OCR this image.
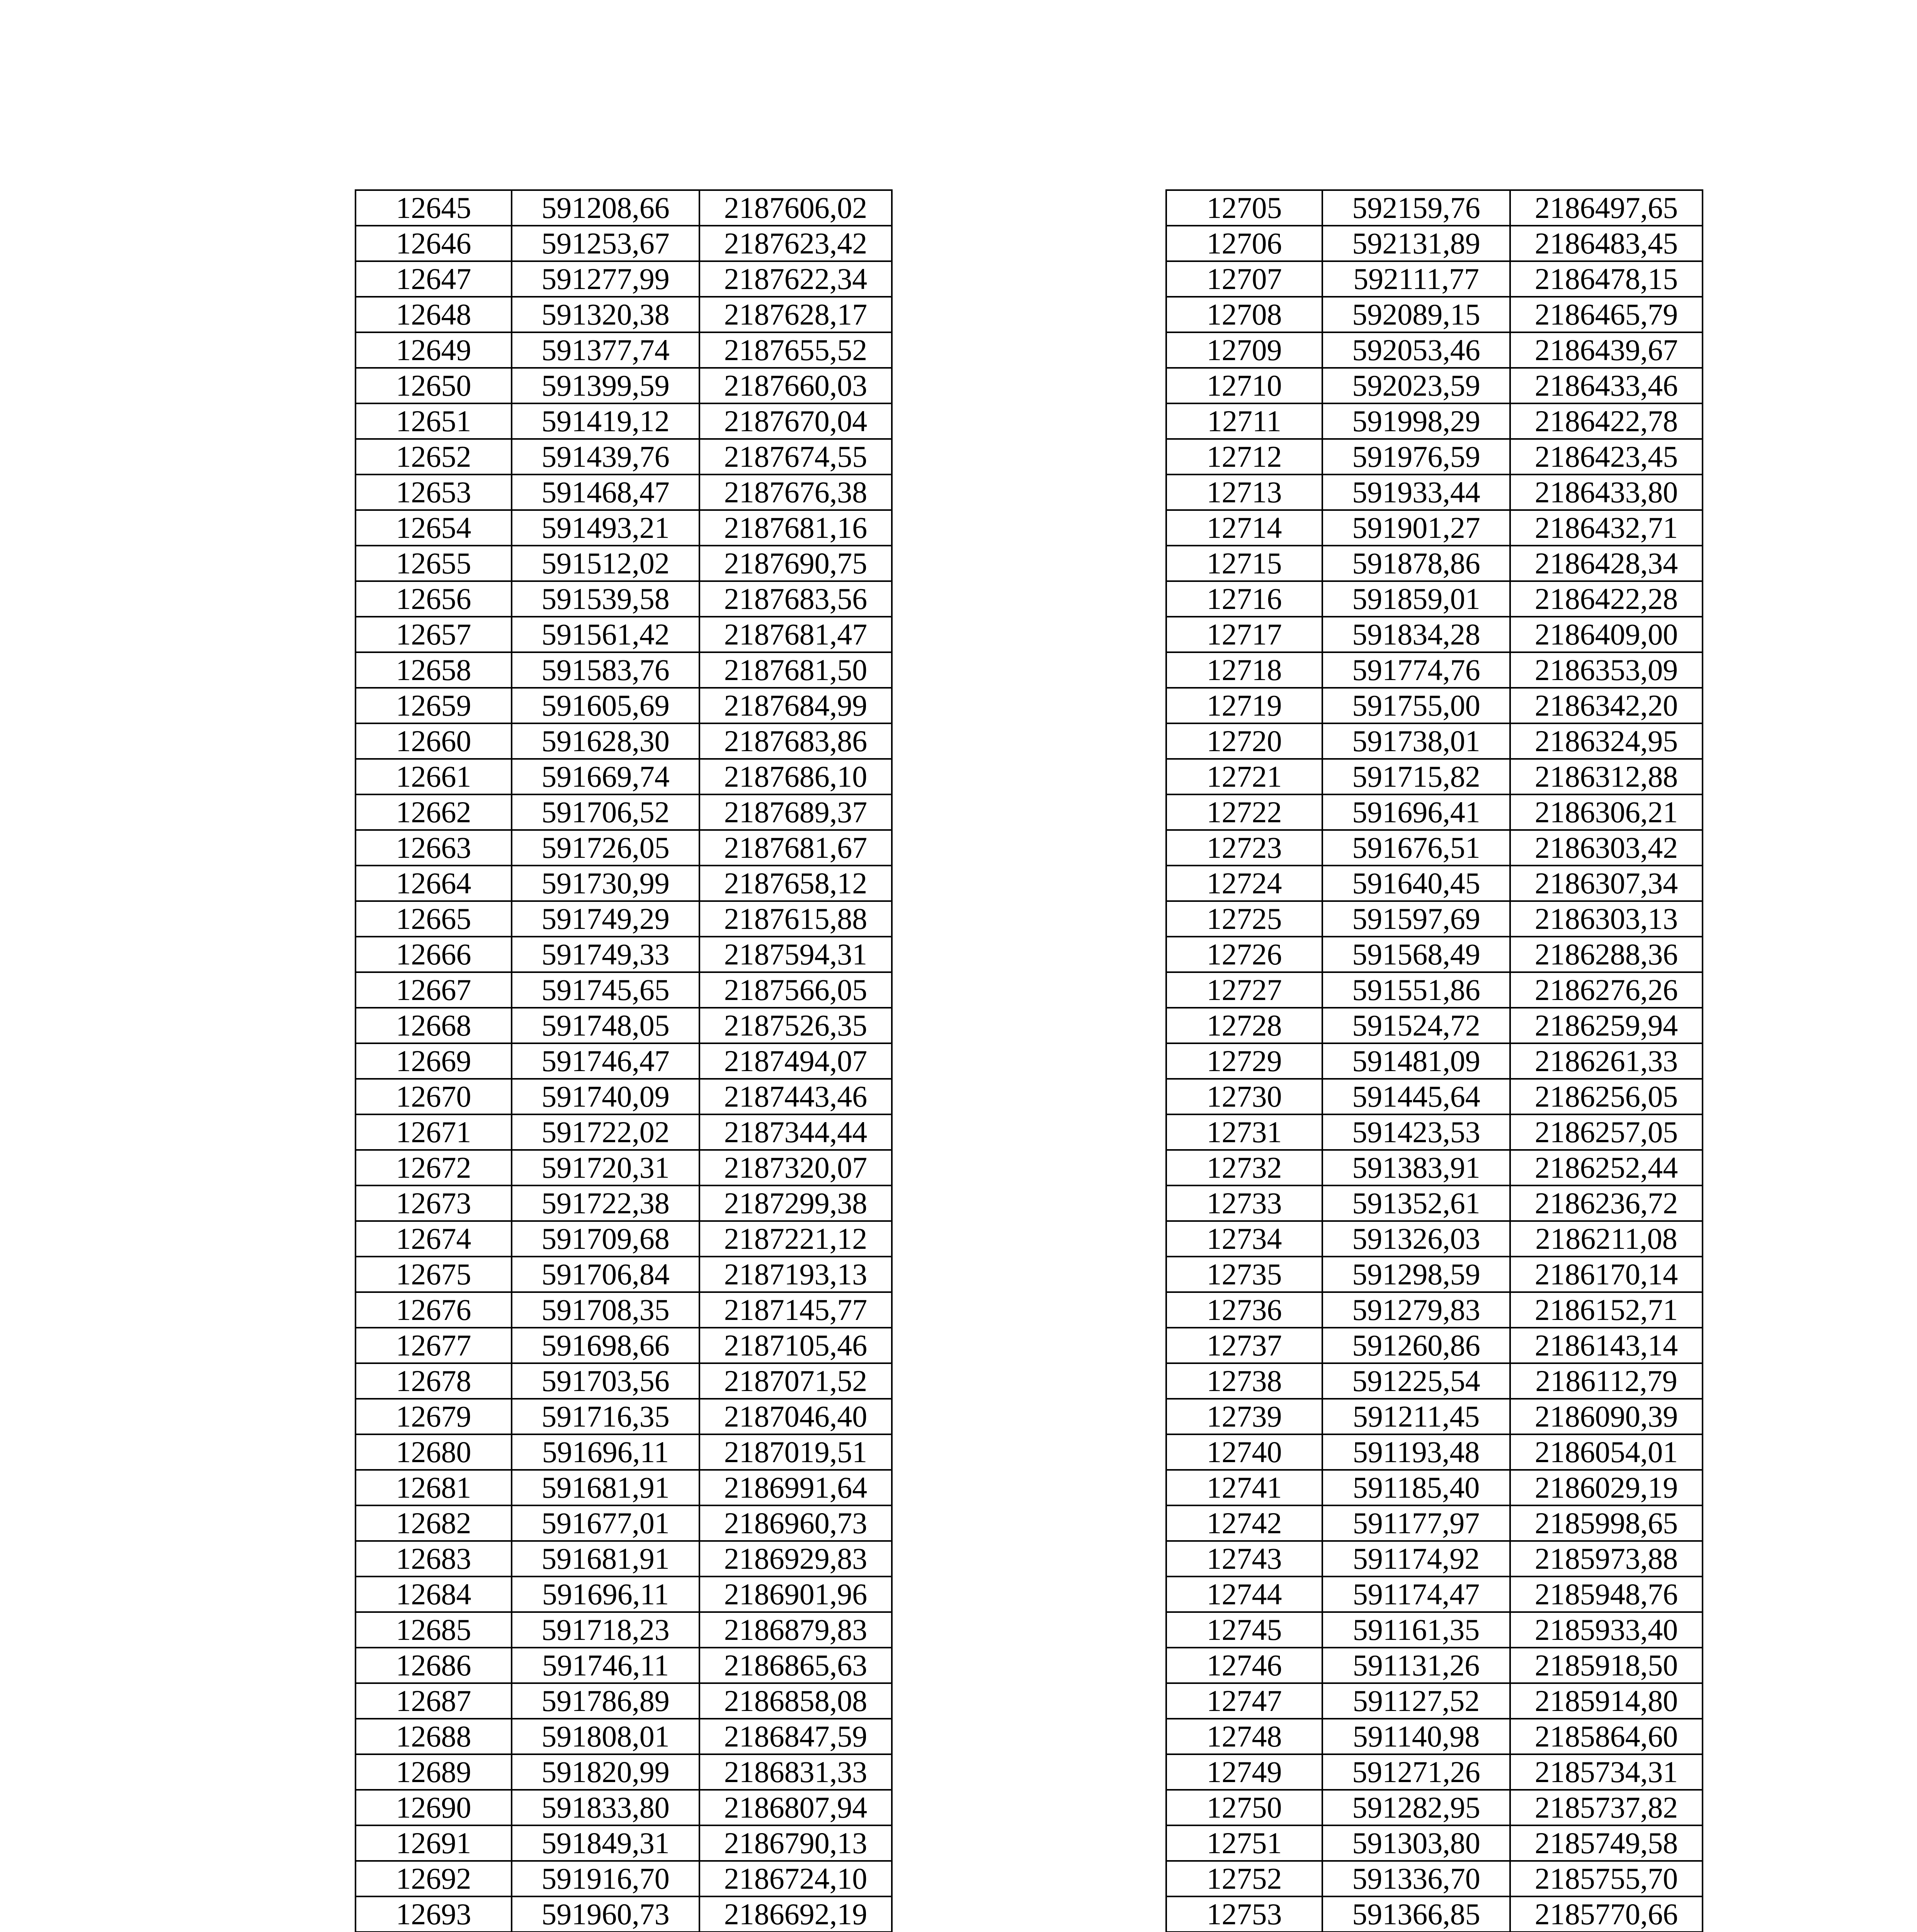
12645	591208,66	2187606,02
12646	591253,67	2187623,42
12647	591277,99	2187622,34
12648	591320,38	2187628,17
12649	591377,74	2187655,52
12650	591399,59	2187660,03
12651	591419,12	2187670,04
12652	591439,76	2187674,55
12653	591468,47	2187676,38
12654	591493,21	2187681,16
12655	591512,02	2187690,75
12656	591539,58	2187683,56
12657	591561,42	2187681,47
12658	591583,76	2187681,50
12659	591605,69	2187684,99
12660	591628,30	2187683,86
12661	591669,74	2187686,10
12662	591706,52	2187689,37
12663	591726,05	2187681,67
12664	591730,99	2187658,12
12665	591749,29	2187615,88
12666	591749,33	2187594,31
12667	591745,65	2187566,05
12668	591748,05	2187526,35
12669	591746,47	2187494,07
12670	591740,09	2187443,46
12671	591722,02	2187344,44
12672	591720,31	2187320,07
12673	591722,38	2187299,38
12674	591709,68	2187221,12
12675	591706,84	2187193,13
12676	591708,35	2187145,77
12677	591698,66	2187105,46
12678	591703,56	2187071,52
12679	591716,35	2187046,40
12680	591696,11	2187019,51
12681	591681,91	2186991,64
12682	591677,01	2186960,73
12683	591681,91	2186929,83
12684	591696,11	2186901,96
12685	591718,23	2186879,83
12686	591746,11	2186865,63
12687	591786,89	2186858,08
12688	591808,01	2186847,59
12689	591820,99	2186831,33
12690	591833,80	2186807,94
12691	591849,31	2186790,13
12692	591916,70	2186724,10
12693	591960,73	2186692,19

12705	592159,76	2186497,65
12706	592131,89	2186483,45
12707	592111,77	2186478,15
12708	592089,15	2186465,79
12709	592053,46	2186439,67
12710	592023,59	2186433,46
12711	591998,29	2186422,78
12712	591976,59	2186423,45
12713	591933,44	2186433,80
12714	591901,27	2186432,71
12715	591878,86	2186428,34
12716	591859,01	2186422,28
12717	591834,28	2186409,00
12718	591774,76	2186353,09
12719	591755,00	2186342,20
12720	591738,01	2186324,95
12721	591715,82	2186312,88
12722	591696,41	2186306,21
12723	591676,51	2186303,42
12724	591640,45	2186307,34
12725	591597,69	2186303,13
12726	591568,49	2186288,36
12727	591551,86	2186276,26
12728	591524,72	2186259,94
12729	591481,09	2186261,33
12730	591445,64	2186256,05
12731	591423,53	2186257,05
12732	591383,91	2186252,44
12733	591352,61	2186236,72
12734	591326,03	2186211,08
12735	591298,59	2186170,14
12736	591279,83	2186152,71
12737	591260,86	2186143,14
12738	591225,54	2186112,79
12739	591211,45	2186090,39
12740	591193,48	2186054,01
12741	591185,40	2186029,19
12742	591177,97	2185998,65
12743	591174,92	2185973,88
12744	591174,47	2185948,76
12745	591161,35	2185933,40
12746	591131,26	2185918,50
12747	591127,52	2185914,80
12748	591140,98	2185864,60
12749	591271,26	2185734,31
12750	591282,95	2185737,82
12751	591303,80	2185749,58
12752	591336,70	2185755,70
12753	591366,85	2185770,66
